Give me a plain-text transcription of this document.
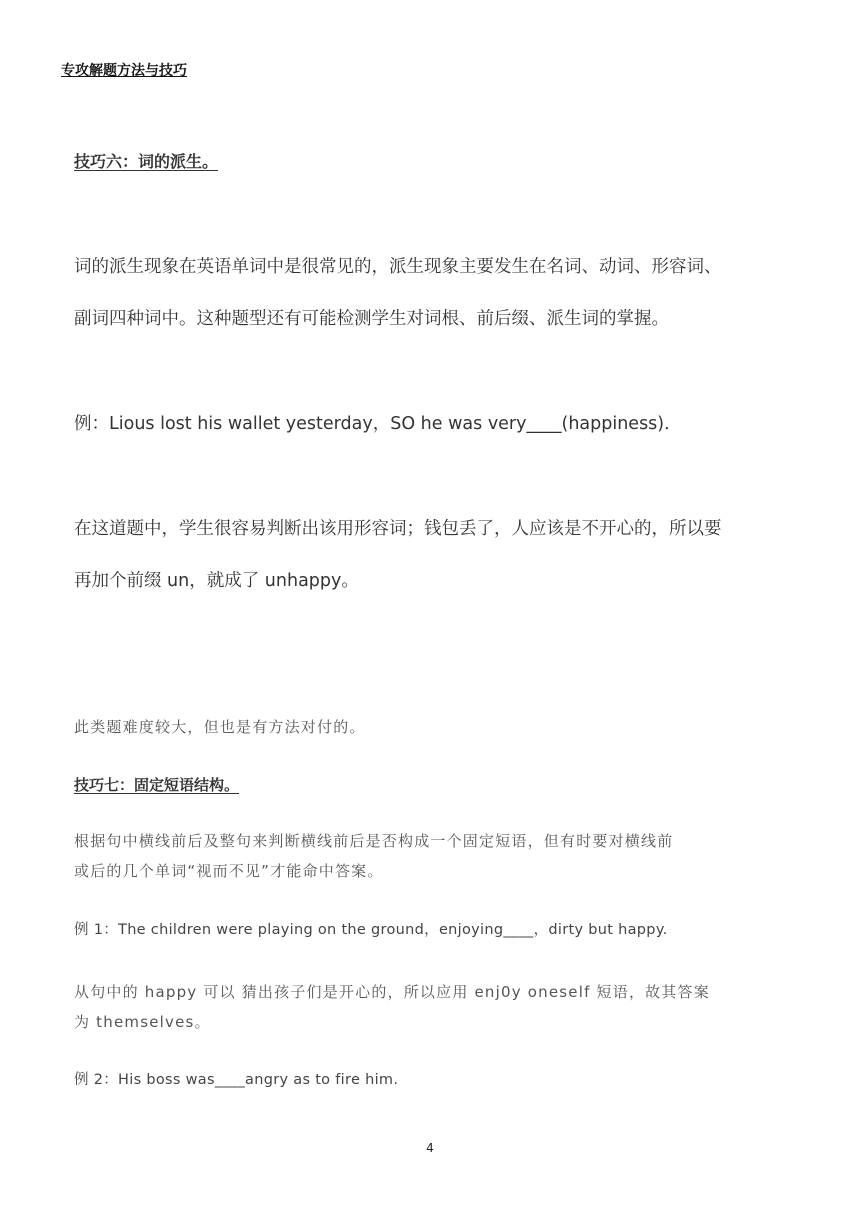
专攻解题方法与技巧
技巧六：词的派生。
词的派生现象在英语单词中是很常见的，派生现象主要发生在名词、动词、形容词、
副词四种词中。这种题型还有可能检测学生对词根、前后缀、派生词的掌握。
例：Lious lost his wallet yesterday，SO he was very____(happiness)．
在这道题中，学生很容易判断出该用形容词；钱包丢了，人应该是不开心的，所以要
再加个前缀 un，就成了 unhappy。
此类题难度较大，但也是有方法对付的。
技巧七：固定短语结构。
根据句中横线前后及整句来判断横线前后是否构成一个固定短语，但有时要对横线前
或后的几个单词“视而不见”才能命中答案。
例 1：The children were playing on the ground，enjoying____，dirty but happy.
从句中的 happy 可以 猜出孩子们是开心的，所以应用 enj0y oneself 短语，故其答案
为 themselves。
例 2：His boss was____angry as to fire him.
4
